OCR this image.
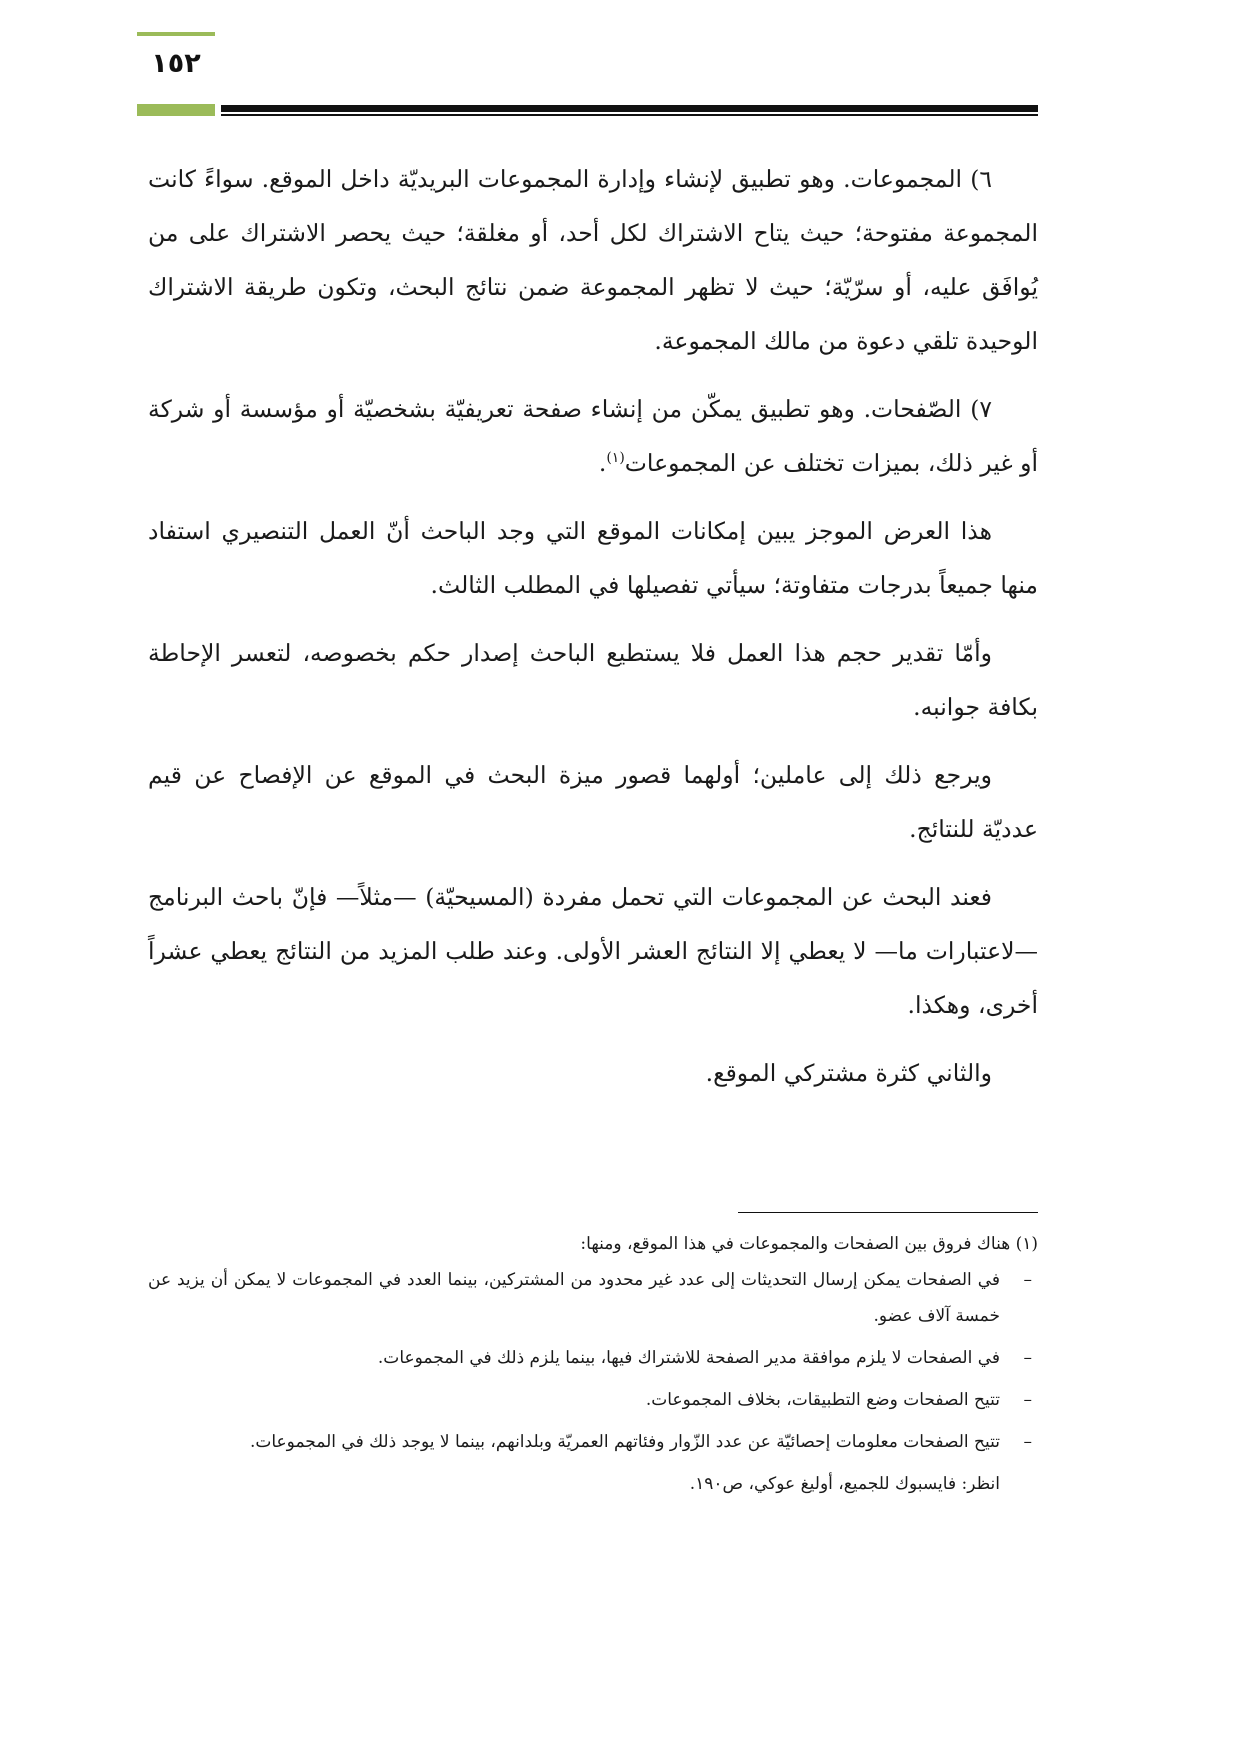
١٥٢

٦) المجموعات. وهو تطبيق لإنشاء وإدارة المجموعات البريديّة داخل الموقع. سواءً كانت المجموعة مفتوحة؛ حيث يتاح الاشتراك لكل أحد، أو مغلقة؛ حيث يحصر الاشتراك على من يُوافَق عليه، أو سرّيّة؛ حيث لا تظهر المجموعة ضمن نتائج البحث، وتكون طريقة الاشتراك الوحيدة تلقي دعوة من مالك المجموعة.

٧) الصّفحات. وهو تطبيق يمكّن من إنشاء صفحة تعريفيّة بشخصيّة أو مؤسسة أو شركة أو غير ذلك، بميزات تختلف عن المجموعات$^{(١)}$.

هذا العرض الموجز يبين إمكانات الموقع التي وجد الباحث أنّ العمل التنصيري استفاد منها جميعاً بدرجات متفاوتة؛ سيأتي تفصيلها في المطلب الثالث.

وأمّا تقدير حجم هذا العمل فلا يستطيع الباحث إصدار حكم بخصوصه، لتعسر الإحاطة بكافة جوانبه.

ويرجع ذلك إلى عاملين؛ أولهما قصور ميزة البحث في الموقع عن الإفصاح عن قيم عدديّة للنتائج.

فعند البحث عن المجموعات التي تحمل مفردة (المسيحيّة) —مثلاً— فإنّ باحث البرنامج —لاعتبارات ما— لا يعطي إلا النتائج العشر الأولى. وعند طلب المزيد من النتائج يعطي عشراً أخرى، وهكذا.

والثاني كثرة مشتركي الموقع.

(١) هناك فروق بين الصفحات والمجموعات في هذا الموقع، ومنها:

–
في الصفحات يمكن إرسال التحديثات إلى عدد غير محدود من المشتركين، بينما العدد في المجموعات لا يمكن أن يزيد عن خمسة آلاف عضو.
–
في الصفحات لا يلزم موافقة مدير الصفحة للاشتراك فيها، بينما يلزم ذلك في المجموعات.
–
تتيح الصفحات وضع التطبيقات، بخلاف المجموعات.
–
تتيح الصفحات معلومات إحصائيّة عن عدد الزّوار وفئاتهم العمريّة وبلدانهم، بينما لا يوجد ذلك في المجموعات.

انظر: فايسبوك للجميع، أوليغ عوكي، ص١٩٠.
